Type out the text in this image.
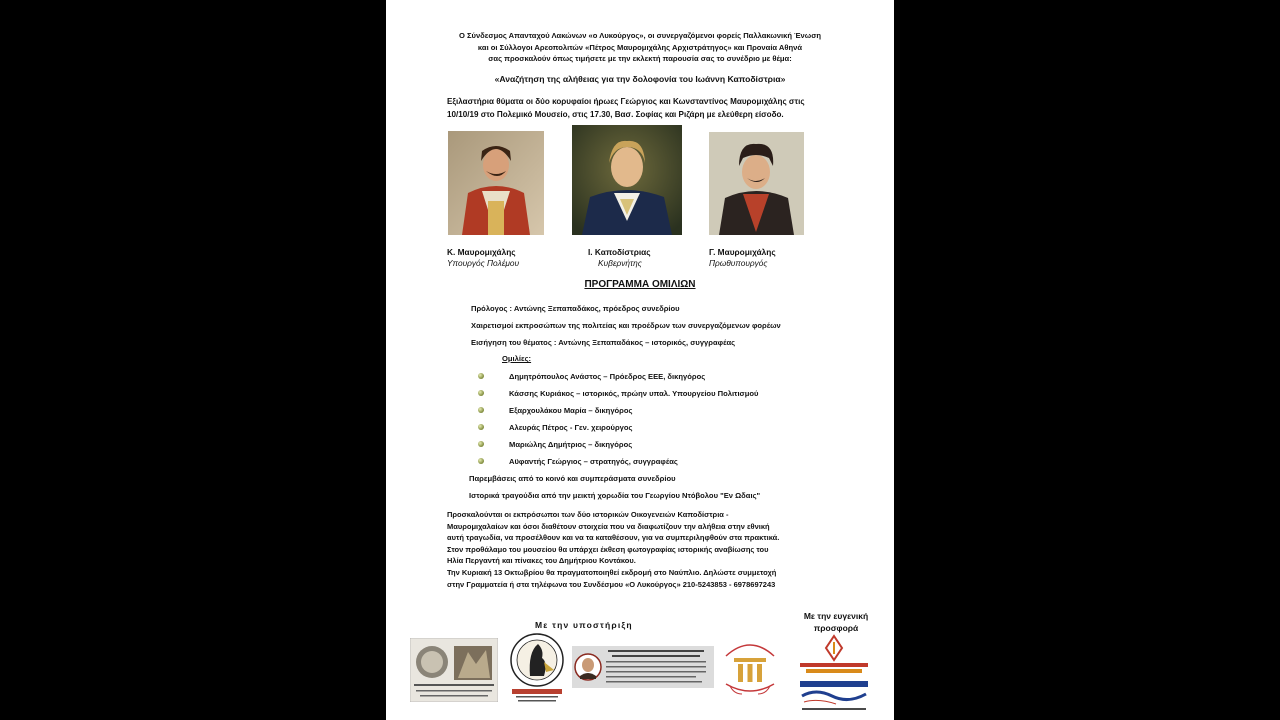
Ο Σύνδεσμος Απανταχού Λακώνων «ο Λυκούργος», οι συνεργαζόμενοι φορείς Παλλακωνική Ένωση
και οι Σύλλογοι Αρεοπολιτών «Πέτρος Μαυρομιχάλης Αρχιστράτηγος» και Προναία Αθηνά
σας προσκαλούν όπως τιμήσετε με την εκλεκτή παρουσία σας το συνέδριο με θέμα:
«Αναζήτηση της αλήθειας για την δολοφονία του Ιωάννη Καποδίστρια»
Εξιλαστήρια θύματα οι δύο κορυφαίοι ήρωες Γεώργιος και Κωνσταντίνος Μαυρομιχάλης στις
10/10/19 στο Πολεμικό Μουσείο, στις 17.30, Βασ. Σοφίας και Ριζάρη με ελεύθερη είσοδο.
Κ. Μαυρομιχάλης
Υπουργός Πολέμου
Ι. Καποδίστριας
Κυβερνήτης
Γ. Μαυρομιχάλης
Πρωθυπουργός
ΠΡΟΓΡΑΜΜΑ ΟΜΙΛΙΩΝ
Πρόλογος : Αντώνης Ξεπαπαδάκος, πρόεδρος συνεδρίου
Χαιρετισμοί εκπροσώπων της πολιτείας και προέδρων των συνεργαζόμενων φορέων
Εισήγηση του θέματος : Αντώνης Ξεπαπαδάκος – ιστορικός, συγγραφέας
Ομιλίες:
Δημητρόπουλος Ανάστος – Πρόεδρος ΕΕΕ, δικηγόρος
Κάσσης Κυριάκος – ιστορικός, πρώην υπαλ. Υπουργείου Πολιτισμού
Εξαρχουλάκου Μαρία – δικηγόρος
Αλευράς Πέτρος - Γεν. χειρούργος
Μαριώλης Δημήτριος – δικηγόρος
Αϋφαντής Γεώργιος – στρατηγός, συγγραφέας
Παρεμβάσεις από το κοινό και συμπεράσματα συνεδρίου
Ιστορικά τραγούδια από την μεικτή χορωδία του Γεωργίου Ντόβολου "Εν Ωδαις"
Προσκαλούνται οι εκπρόσωποι των δύο ιστορικών Οικογενειών Καποδίστρια -
Μαυρομιχαλαίων και όσοι διαθέτουν στοιχεία που να διαφωτίζουν την αλήθεια στην εθνική
αυτή τραγωδία, να προσέλθουν και να τα καταθέσουν, για να συμπεριληφθούν στα πρακτικά.
Στον προθάλαμο του μουσείου θα υπάρχει έκθεση φωτογραφίας ιστορικής αναβίωσης του
Ηλία Περγαντή και πίνακες του Δημήτριου Κοντάκου.
Την Κυριακή 13 Οκτωβρίου θα πραγματοποιηθεί εκδρομή στο Ναύπλιο. Δηλώστε συμμετοχή
στην Γραμματεία ή στα τηλέφωνα του Συνδέσμου «Ο Λυκούργος» 210-5243853 - 6978697243
Με την υποστήριξη
Με την ευγενική
προσφορά
